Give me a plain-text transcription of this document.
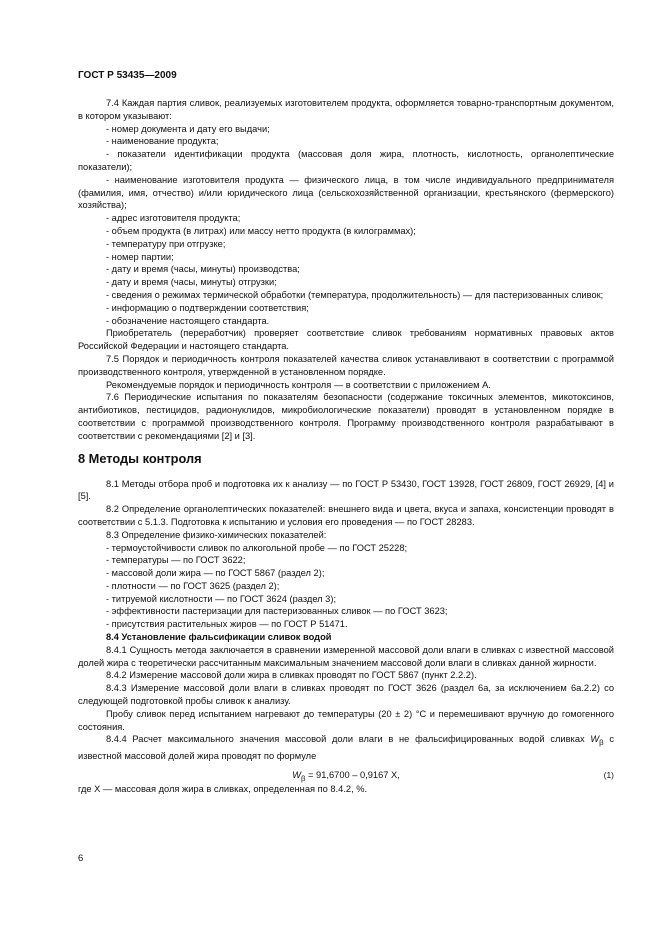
ГОСТ Р 53435—2009

7.4 Каждая партия сливок, реализуемых изготовителем продукта, оформляется товарно-транспортным документом, в котором указывают:

- номер документа и дату его выдачи;

- наименование продукта;

- показатели идентификации продукта (массовая доля жира, плотность, кислотность, органолептические показатели);

- наименование изготовителя продукта — физического лица, в том числе индивидуального предпринимателя (фамилия, имя, отчество) и/или юридического лица (сельскохозяйственной организации, крестьянского (фермерского) хозяйства);

- адрес изготовителя продукта;

- объем продукта (в литрах) или массу нетто продукта (в килограммах);

- температуру при отгрузке;

- номер партии;

- дату и время (часы, минуты) производства;

- дату и время (часы, минуты) отгрузки;

- сведения о режимах термической обработки (температура, продолжительность) — для пастеризованных сливок;

- информацию о подтверждении соответствия;

- обозначение настоящего стандарта.

Приобретатель (переработчик) проверяет соответствие сливок требованиям нормативных правовых актов Российской Федерации и настоящего стандарта.

7.5 Порядок и периодичность контроля показателей качества сливок устанавливают в соответствии с программой производственного контроля, утвержденной в установленном порядке.

Рекомендуемые порядок и периодичность контроля — в соответствии с приложением А.

7.6 Периодические испытания по показателям безопасности (содержание токсичных элементов, микотоксинов, антибиотиков, пестицидов, радионуклидов, микробиологические показатели) проводят в установленном порядке в соответствии с программой производственного контроля. Программу производственного контроля разрабатывают в соответствии с рекомендациями [2] и [3].

8 Методы контроля

8.1 Методы отбора проб и подготовка их к анализу — по ГОСТ Р 53430, ГОСТ 13928, ГОСТ 26809, ГОСТ 26929, [4] и [5].

8.2 Определение органолептических показателей: внешнего вида и цвета, вкуса и запаха, консистенции проводят в соответствии с 5.1.3. Подготовка к испытанию и условия его проведения — по ГОСТ 28283.

8.3 Определение физико-химических показателей:

- термоустойчивости сливок по алкогольной пробе — по ГОСТ 25228;

- температуры — по ГОСТ 3622;

- массовой доли жира — по ГОСТ 5867 (раздел 2);

- плотности — по ГОСТ 3625 (раздел 2);

- титруемой кислотности — по ГОСТ 3624 (раздел 3);

- эффективности пастеризации для пастеризованных сливок — по ГОСТ 3623;

- присутствия растительных жиров — по ГОСТ Р 51471.

8.4 Установление фальсификации сливок водой

8.4.1 Сущность метода заключается в сравнении измеренной массовой доли влаги в сливках с известной массовой долей жира с теоретически рассчитанным максимальным значением массовой доли влаги в сливках данной жирности.

8.4.2 Измерение массовой доли жира в сливках проводят по ГОСТ 5867 (пункт 2.2.2).

8.4.3 Измерение массовой доли влаги в сливках проводят по ГОСТ 3626 (раздел 6а, за исключением 6а.2.2) со следующей подготовкой пробы сливок к анализу.

Пробу сливок перед испытанием нагревают до температуры (20 ± 2) °С и перемешивают вручную до гомогенного состояния.

8.4.4 Расчет максимального значения массовой доли влаги в не фальсифицированных водой сливках $W_\beta$ с известной массовой долей жира проводят по формуле

$W_\beta = 91,6700 - 0,9167$ X,	(1)

где X — массовая доля жира в сливках, определенная по 8.4.2, %.

6
